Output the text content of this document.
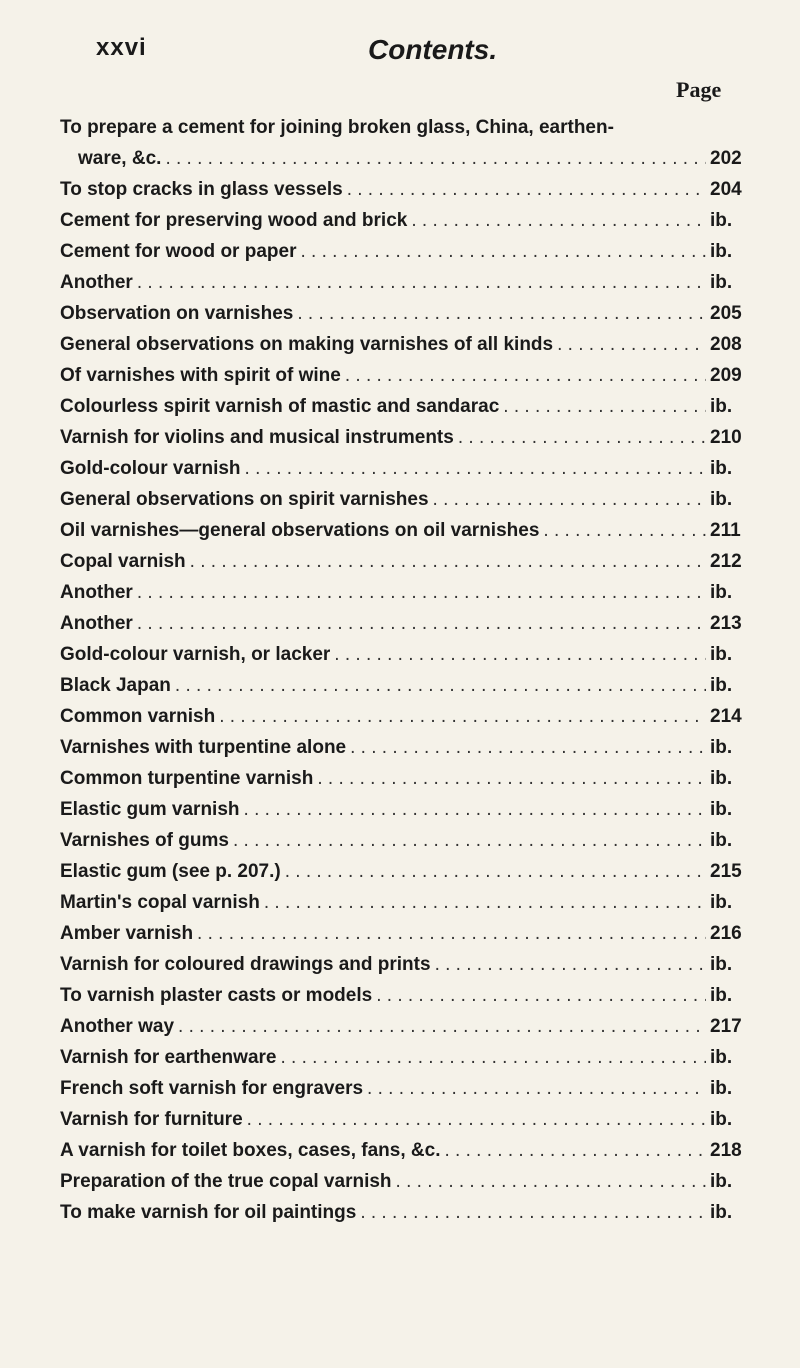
xxvi	Contents.
Page
To prepare a cement for joining broken glass, China, earthen-
ware, &c. . . .	202
To stop cracks in glass vessels . . .	204
Cement for preserving wood and brick . . .	ib.
Cement for wood or paper . . .	ib.
Another . . .	ib.
Observation on varnishes . . .	205
General observations on making varnishes of all kinds . . .	208
Of varnishes with spirit of wine . . .	209
Colourless spirit varnish of mastic and sandarac . . .	ib.
Varnish for violins and musical instruments . . .	210
Gold-colour varnish . . .	ib.
General observations on spirit varnishes . . .	ib.
Oil varnishes—general observations on oil varnishes . . .	211
Copal varnish . . .	212
Another . . .	ib.
Another . . .	213
Gold-colour varnish, or lacker . . .	ib.
Black Japan . . .	ib.
Common varnish . . .	214
Varnishes with turpentine alone . . .	ib.
Common turpentine varnish . . .	ib.
Elastic gum varnish . . .	ib.
Varnishes of gums . . .	ib.
Elastic gum (see p. 207.) . . .	215
Martin's copal varnish . . .	ib.
Amber varnish . . .	216
Varnish for coloured drawings and prints . . .	ib.
To varnish plaster casts or models . . .	ib.
Another way . . .	217
Varnish for earthenware . . .	ib.
French soft varnish for engravers . . .	ib.
Varnish for furniture . . .	ib.
A varnish for toilet boxes, cases, fans, &c. . . .	218
Preparation of the true copal varnish . . .	ib.
To make varnish for oil paintings . . .	ib.
